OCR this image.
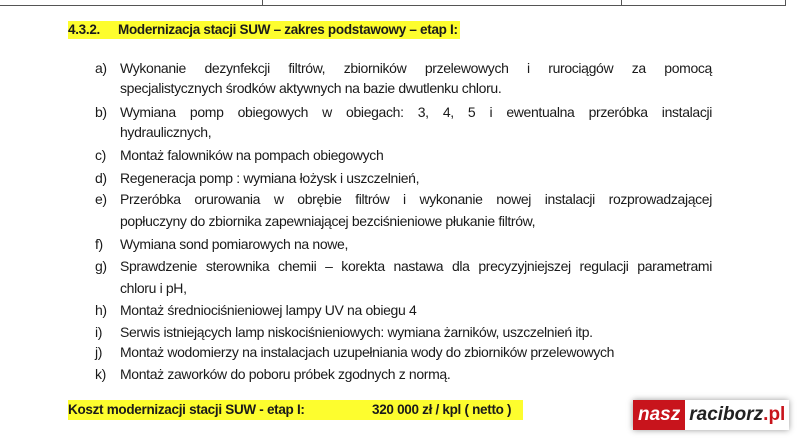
4.3.2. Modernizacja stacji SUW – zakres podstawowy – etap I:
a) Wykonanie dezynfekcji filtrów, zbiorników przelewowych i rurociągów za pomocą
specjalistycznych środków aktywnych na bazie dwutlenku chloru.
b) Wymiana pomp obiegowych w obiegach: 3, 4, 5 i ewentualna przeróbka instalacji
hydraulicznych,
c)	Montaż falowników na pompach obiegowych
d) Regeneracja pomp : wymiana łożysk i uszczelnień,
e) Przeróbka orurowania w obrębie filtrów i wykonanie nowej instalacji rozprowadzającej
popłuczyny do zbiornika zapewniającej bezciśnieniowe płukanie filtrów,
f)	Wymiana sond pomiarowych na nowe,
g) Sprawdzenie sterownika chemii – korekta nastawa dla precyzyjniejszej regulacji parametrami
chloru i pH,
h) Montaż średniociśnieniowej lampy UV na obiegu 4
i)	Serwis istniejących lamp niskociśnieniowych: wymiana żarników, uszczelnień itp.
j)	Montaż wodomierzy na instalacjach uzupełniania wody do zbiorników przelewowych
k)	Montaż zaworków do poboru próbek zgodnych z normą.
Koszt modernizacji stacji SUW - etap I:	320 000 zł / kpl ( netto )	nasz raciborz.pl
